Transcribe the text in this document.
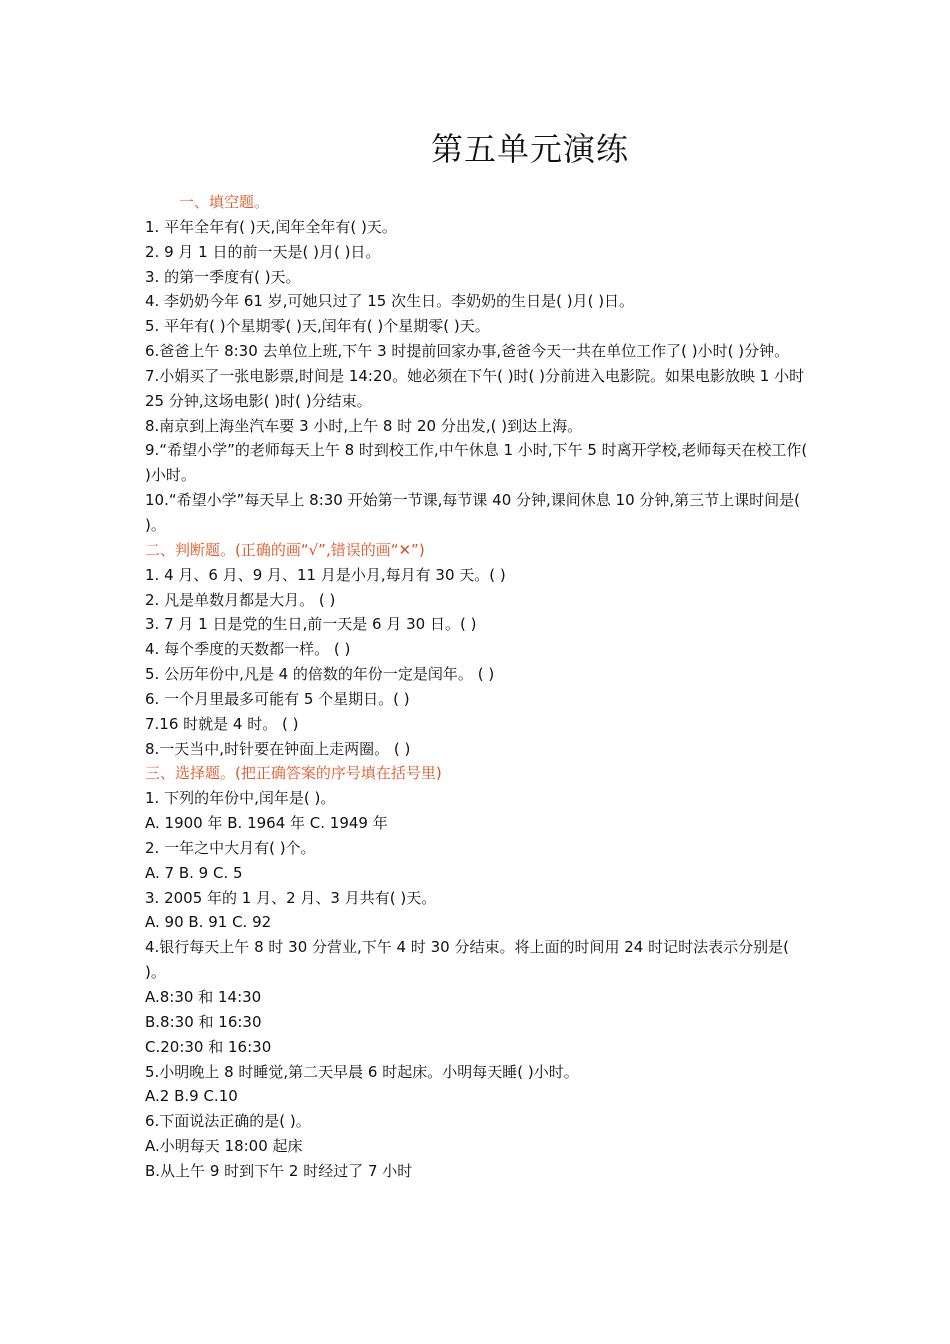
第五单元演练
一、填空题。
1. 平年全年有( )天,闰年全年有( )天。
2. 9 月 1 日的前一天是( )月( )日。
3. 的第一季度有( )天。
4. 李奶奶今年 61 岁,可她只过了 15 次生日。李奶奶的生日是( )月( )日。
5. 平年有( )个星期零( )天,闰年有( )个星期零( )天。
6.爸爸上午 8:30 去单位上班,下午 3 时提前回家办事,爸爸今天一共在单位工作了( )小时( )分钟。
7.小娟买了一张电影票,时间是 14:20。她必须在下午( )时( )分前进入电影院。如果电影放映 1 小时 25 分钟,这场电影( )时( )分结束。
8.南京到上海坐汽车要 3 小时,上午 8 时 20 分出发,( )到达上海。
9.“希望小学”的老师每天上午 8 时到校工作,中午休息 1 小时,下午 5 时离开学校,老师每天在校工作( )小时。
10.“希望小学”每天早上 8:30 开始第一节课,每节课 40 分钟,课间休息 10 分钟,第三节上课时间是( )。
二、判断题。(正确的画“√”,错误的画“✕”)
1. 4 月、6 月、9 月、11 月是小月,每月有 30 天。( )
2. 凡是单数月都是大月。 ( )
3. 7 月 1 日是党的生日,前一天是 6 月 30 日。( )
4. 每个季度的天数都一样。 ( )
5. 公历年份中,凡是 4 的倍数的年份一定是闰年。 ( )
6. 一个月里最多可能有 5 个星期日。( )
7.16 时就是 4 时。 ( )
8.一天当中,时针要在钟面上走两圈。 ( )
三、选择题。(把正确答案的序号填在括号里)
1. 下列的年份中,闰年是( )。
A. 1900 年 B. 1964 年 C. 1949 年
2. 一年之中大月有( )个。
A. 7 B. 9 C. 5
3. 2005 年的 1 月、2 月、3 月共有( )天。
A. 90 B. 91 C. 92
4.银行每天上午 8 时 30 分营业,下午 4 时 30 分结束。将上面的时间用 24 时记时法表示分别是( )。
A.8:30 和 14:30
B.8:30 和 16:30
C.20:30 和 16:30
5.小明晚上 8 时睡觉,第二天早晨 6 时起床。小明每天睡( )小时。
A.2 B.9 C.10
6.下面说法正确的是( )。
A.小明每天 18:00 起床
B.从上午 9 时到下午 2 时经过了 7 小时
